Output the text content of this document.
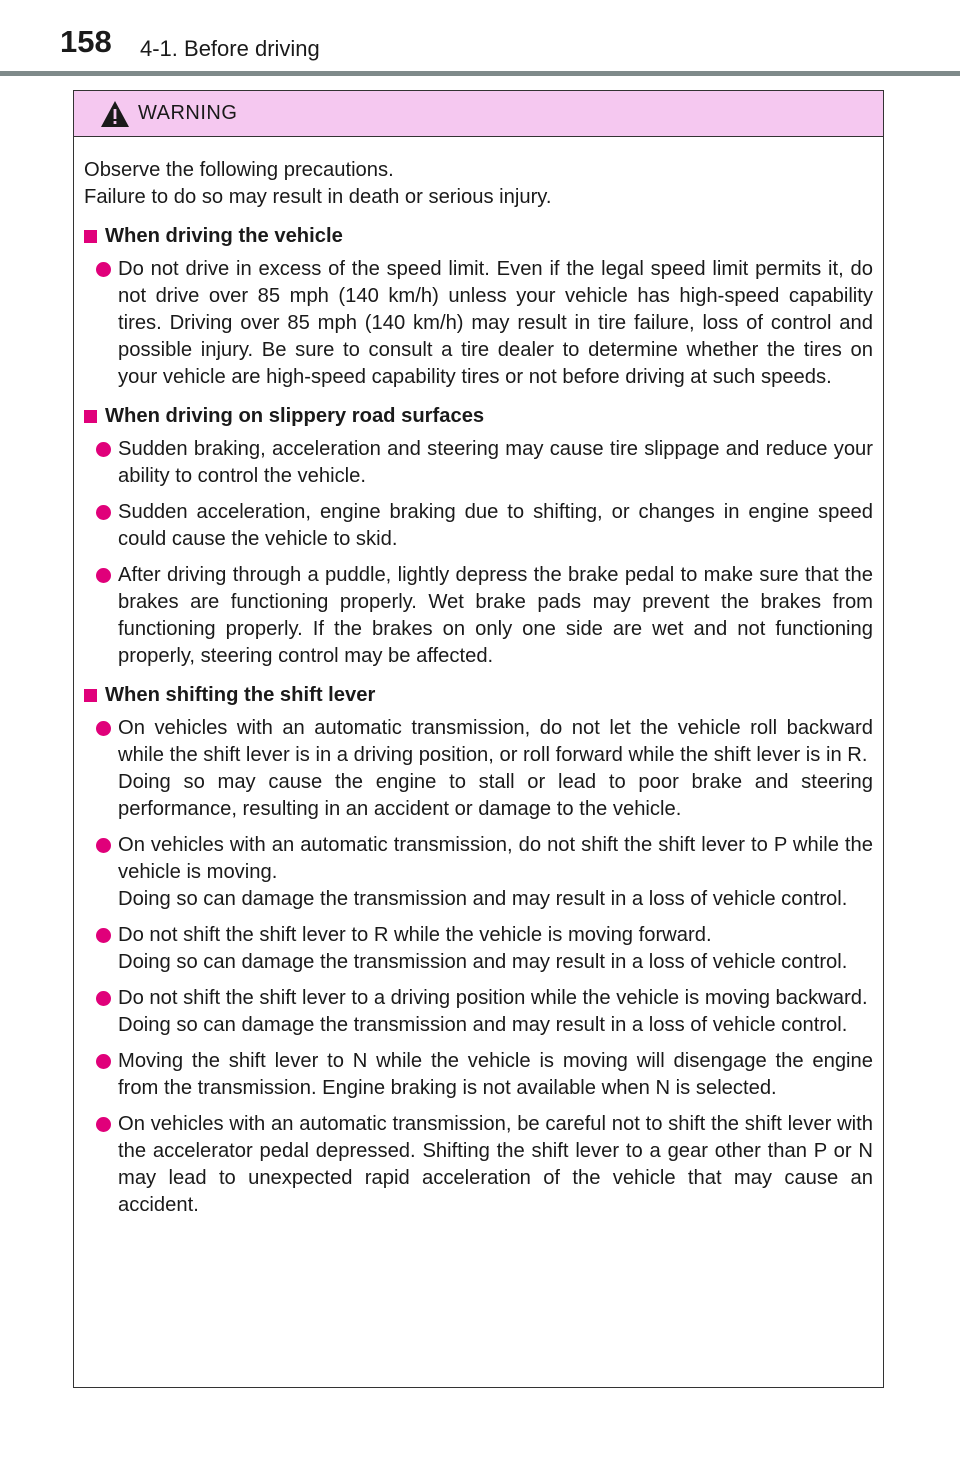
158 4-1. Before driving
WARNING
Observe the following precautions.
Failure to do so may result in death or serious injury.
When driving the vehicle

Do not drive in excess of the speed limit. Even if the legal speed limit permits it, do not drive over 85 mph (140 km/h) unless your vehicle has high-speed capability tires. Driving over 85 mph (140 km/h) may result in tire failure, loss of control and possible injury. Be sure to consult a tire dealer to determine whether the tires on your vehicle are high-speed capability tires or not before driving at such speeds.

When driving on slippery road surfaces

Sudden braking, acceleration and steering may cause tire slippage and reduce your ability to control the vehicle.

Sudden acceleration, engine braking due to shifting, or changes in engine speed could cause the vehicle to skid.

After driving through a puddle, lightly depress the brake pedal to make sure that the brakes are functioning properly. Wet brake pads may prevent the brakes from functioning properly. If the brakes on only one side are wet and not functioning properly, steering control may be affected.

When shifting the shift lever

On vehicles with an automatic transmission, do not let the vehicle roll backward while the shift lever is in a driving position, or roll forward while the shift lever is in R.

Doing so may cause the engine to stall or lead to poor brake and steering performance, resulting in an accident or damage to the vehicle.

On vehicles with an automatic transmission, do not shift the shift lever to P while the vehicle is moving.

Doing so can damage the transmission and may result in a loss of vehicle control.

Do not shift the shift lever to R while the vehicle is moving forward.

Doing so can damage the transmission and may result in a loss of vehicle control.

Do not shift the shift lever to a driving position while the vehicle is moving backward.

Doing so can damage the transmission and may result in a loss of vehicle control.

Moving the shift lever to N while the vehicle is moving will disengage the engine from the transmission. Engine braking is not available when N is selected.

On vehicles with an automatic transmission, be careful not to shift the shift lever with the accelerator pedal depressed. Shifting the shift lever to a gear other than P or N may lead to unexpected rapid acceleration of the vehicle that may cause an accident.
